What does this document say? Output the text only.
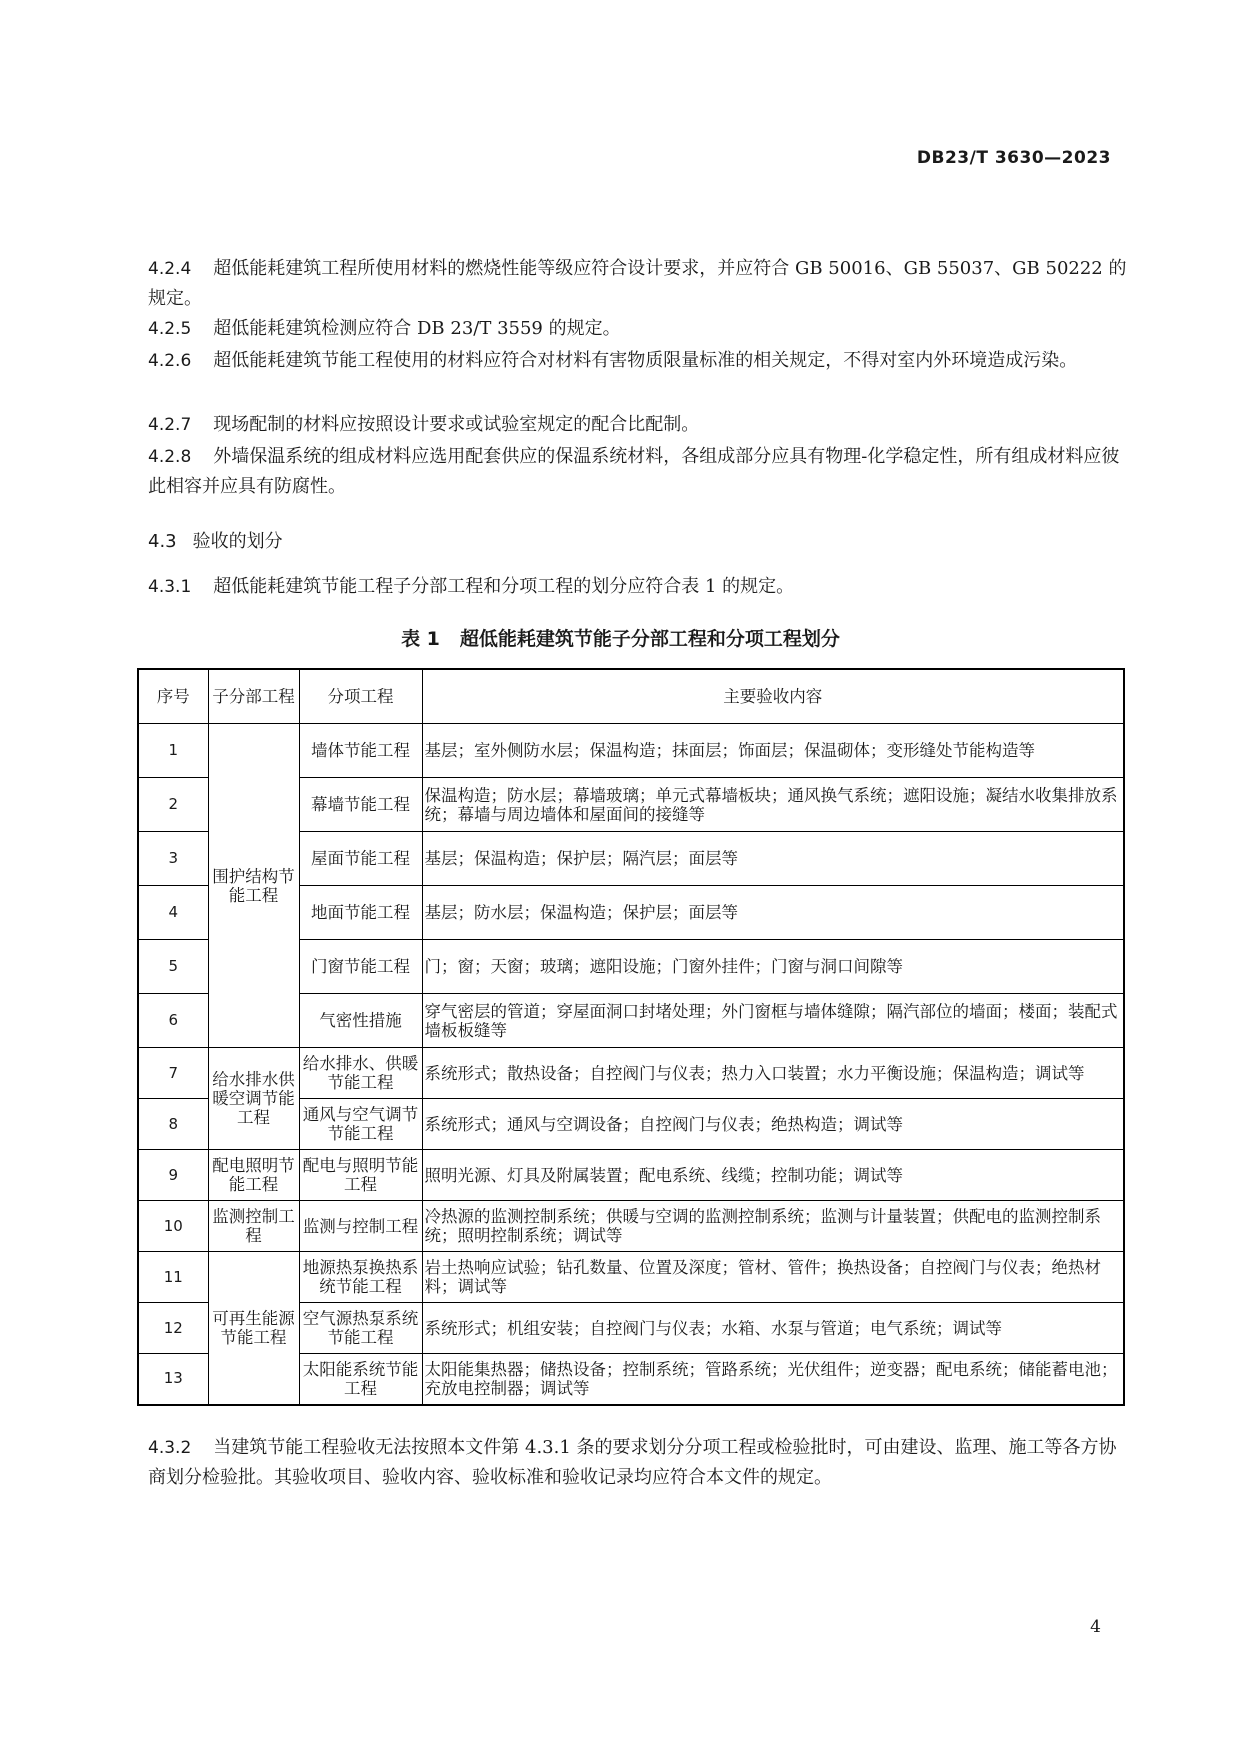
DB23/T 3630—2023

4.2.4 超低能耗建筑工程所使用材料的燃烧性能等级应符合设计要求，并应符合 GB 50016、GB 55037、GB 50222 的规定。

4.2.5 超低能耗建筑检测应符合 DB 23/T 3559 的规定。

4.2.6 超低能耗建筑节能工程使用的材料应符合对材料有害物质限量标准的相关规定，不得对室内外环境造成污染。

4.2.7 现场配制的材料应按照设计要求或试验室规定的配合比配制。

4.2.8 外墙保温系统的组成材料应选用配套供应的保温系统材料，各组成部分应具有物理-化学稳定性，所有组成材料应彼此相容并应具有防腐性。

4.3 验收的划分

4.3.1 超低能耗建筑节能工程子分部工程和分项工程的划分应符合表 1 的规定。

表 1 超低能耗建筑节能子分部工程和分项工程划分
序号	子分部工程	分项工程	主要验收内容
1	围护结构节能工程	墙体节能工程	基层；室外侧防水层；保温构造；抹面层；饰面层；保温砌体；变形缝处节能构造等
2		幕墙节能工程	保温构造；防水层；幕墙玻璃；单元式幕墙板块；通风换气系统；遮阳设施；凝结水收集排放系统；幕墙与周边墙体和屋面间的接缝等
3		屋面节能工程	基层；保温构造；保护层；隔汽层；面层等
4		地面节能工程	基层；防水层；保温构造；保护层；面层等
5		门窗节能工程	门；窗；天窗；玻璃；遮阳设施；门窗外挂件；门窗与洞口间隙等
6		气密性措施	穿气密层的管道；穿屋面洞口封堵处理；外门窗框与墙体缝隙；隔汽部位的墙面；楼面；装配式墙板板缝等
7	给水排水供暖空调节能工程	给水排水、供暖节能工程	系统形式；散热设备；自控阀门与仪表；热力入口装置；水力平衡设施；保温构造；调试等
8		通风与空气调节节能工程	系统形式；通风与空调设备；自控阀门与仪表；绝热构造；调试等
9	配电照明节能工程	配电与照明节能工程	照明光源、灯具及附属装置；配电系统、线缆；控制功能；调试等
10	监测控制工程	监测与控制工程	冷热源的监测控制系统；供暖与空调的监测控制系统；监测与计量装置；供配电的监测控制系统；照明控制系统；调试等
11	可再生能源节能工程	地源热泵换热系统节能工程	岩土热响应试验；钻孔数量、位置及深度；管材、管件；换热设备；自控阀门与仪表；绝热材料；调试等
12		空气源热泵系统节能工程	系统形式；机组安装；自控阀门与仪表；水箱、水泵与管道；电气系统；调试等
13		太阳能系统节能工程	太阳能集热器；储热设备；控制系统；管路系统；光伏组件；逆变器；配电系统；储能蓄电池；充放电控制器；调试等

4.3.2 当建筑节能工程验收无法按照本文件第 4.3.1 条的要求划分分项工程或检验批时，可由建设、监理、施工等各方协商划分检验批。其验收项目、验收内容、验收标准和验收记录均应符合本文件的规定。

4
